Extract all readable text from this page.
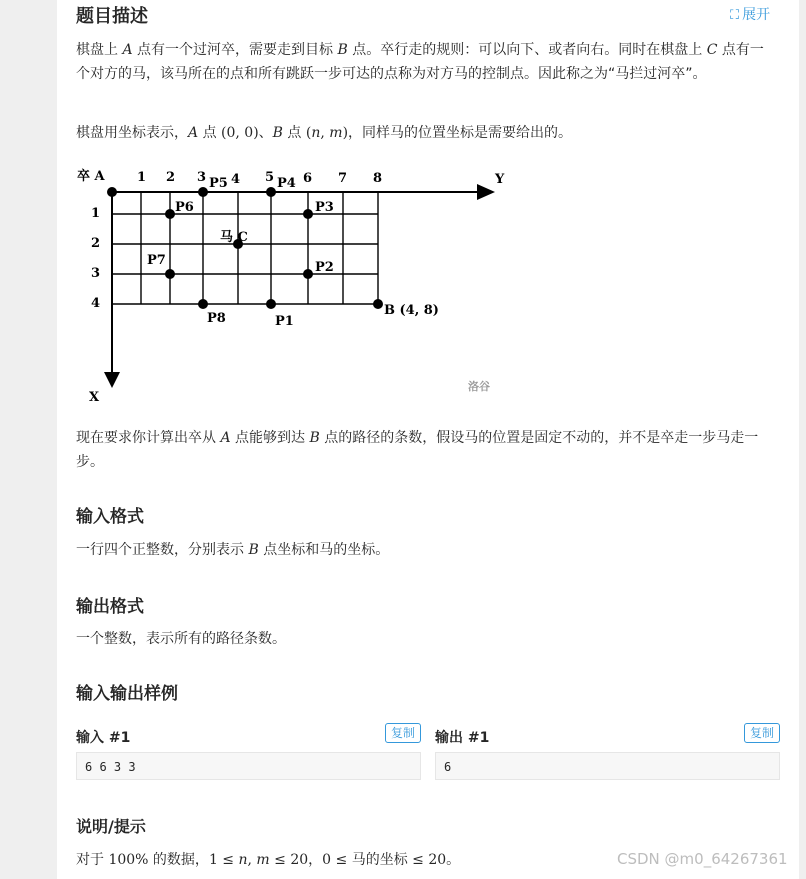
题目描述	⛶ 展开
棋盘上 A 点有一个过河卒，需要走到目标 B 点。卒行走的规则：可以向下、或者向右。同时在棋盘上 C 点有一个对方的马，该马所在的点和所有跳跃一步可达的点称为对方马的控制点。因此称之为“马拦过河卒”。
棋盘用坐标表示，A 点 (0, 0)、B 点 (n, m)，同样马的位置坐标是需要给出的。
卒 A	Y
X
1 2 3 4 5 6 7 8
1
2
3
4
P1
P2
P3
P4
P5
P6
P7
P8
马 C
B (4, 8)
洛谷
现在要求你计算出卒从 A 点能够到达 B 点的路径的条数，假设马的位置是固定不动的，并不是卒走一步马走一步。
输入格式
一行四个正整数，分别表示 B 点坐标和马的坐标。
输出格式
一个整数，表示所有的路径条数。
输入输出样例
输入 #1	复制
6 6 3 3
输出 #1	复制
6
说明/提示
对于 100% 的数据，1 ≤ n, m ≤ 20，0 ≤ 马的坐标 ≤ 20。	CSDN @m0_64267361
